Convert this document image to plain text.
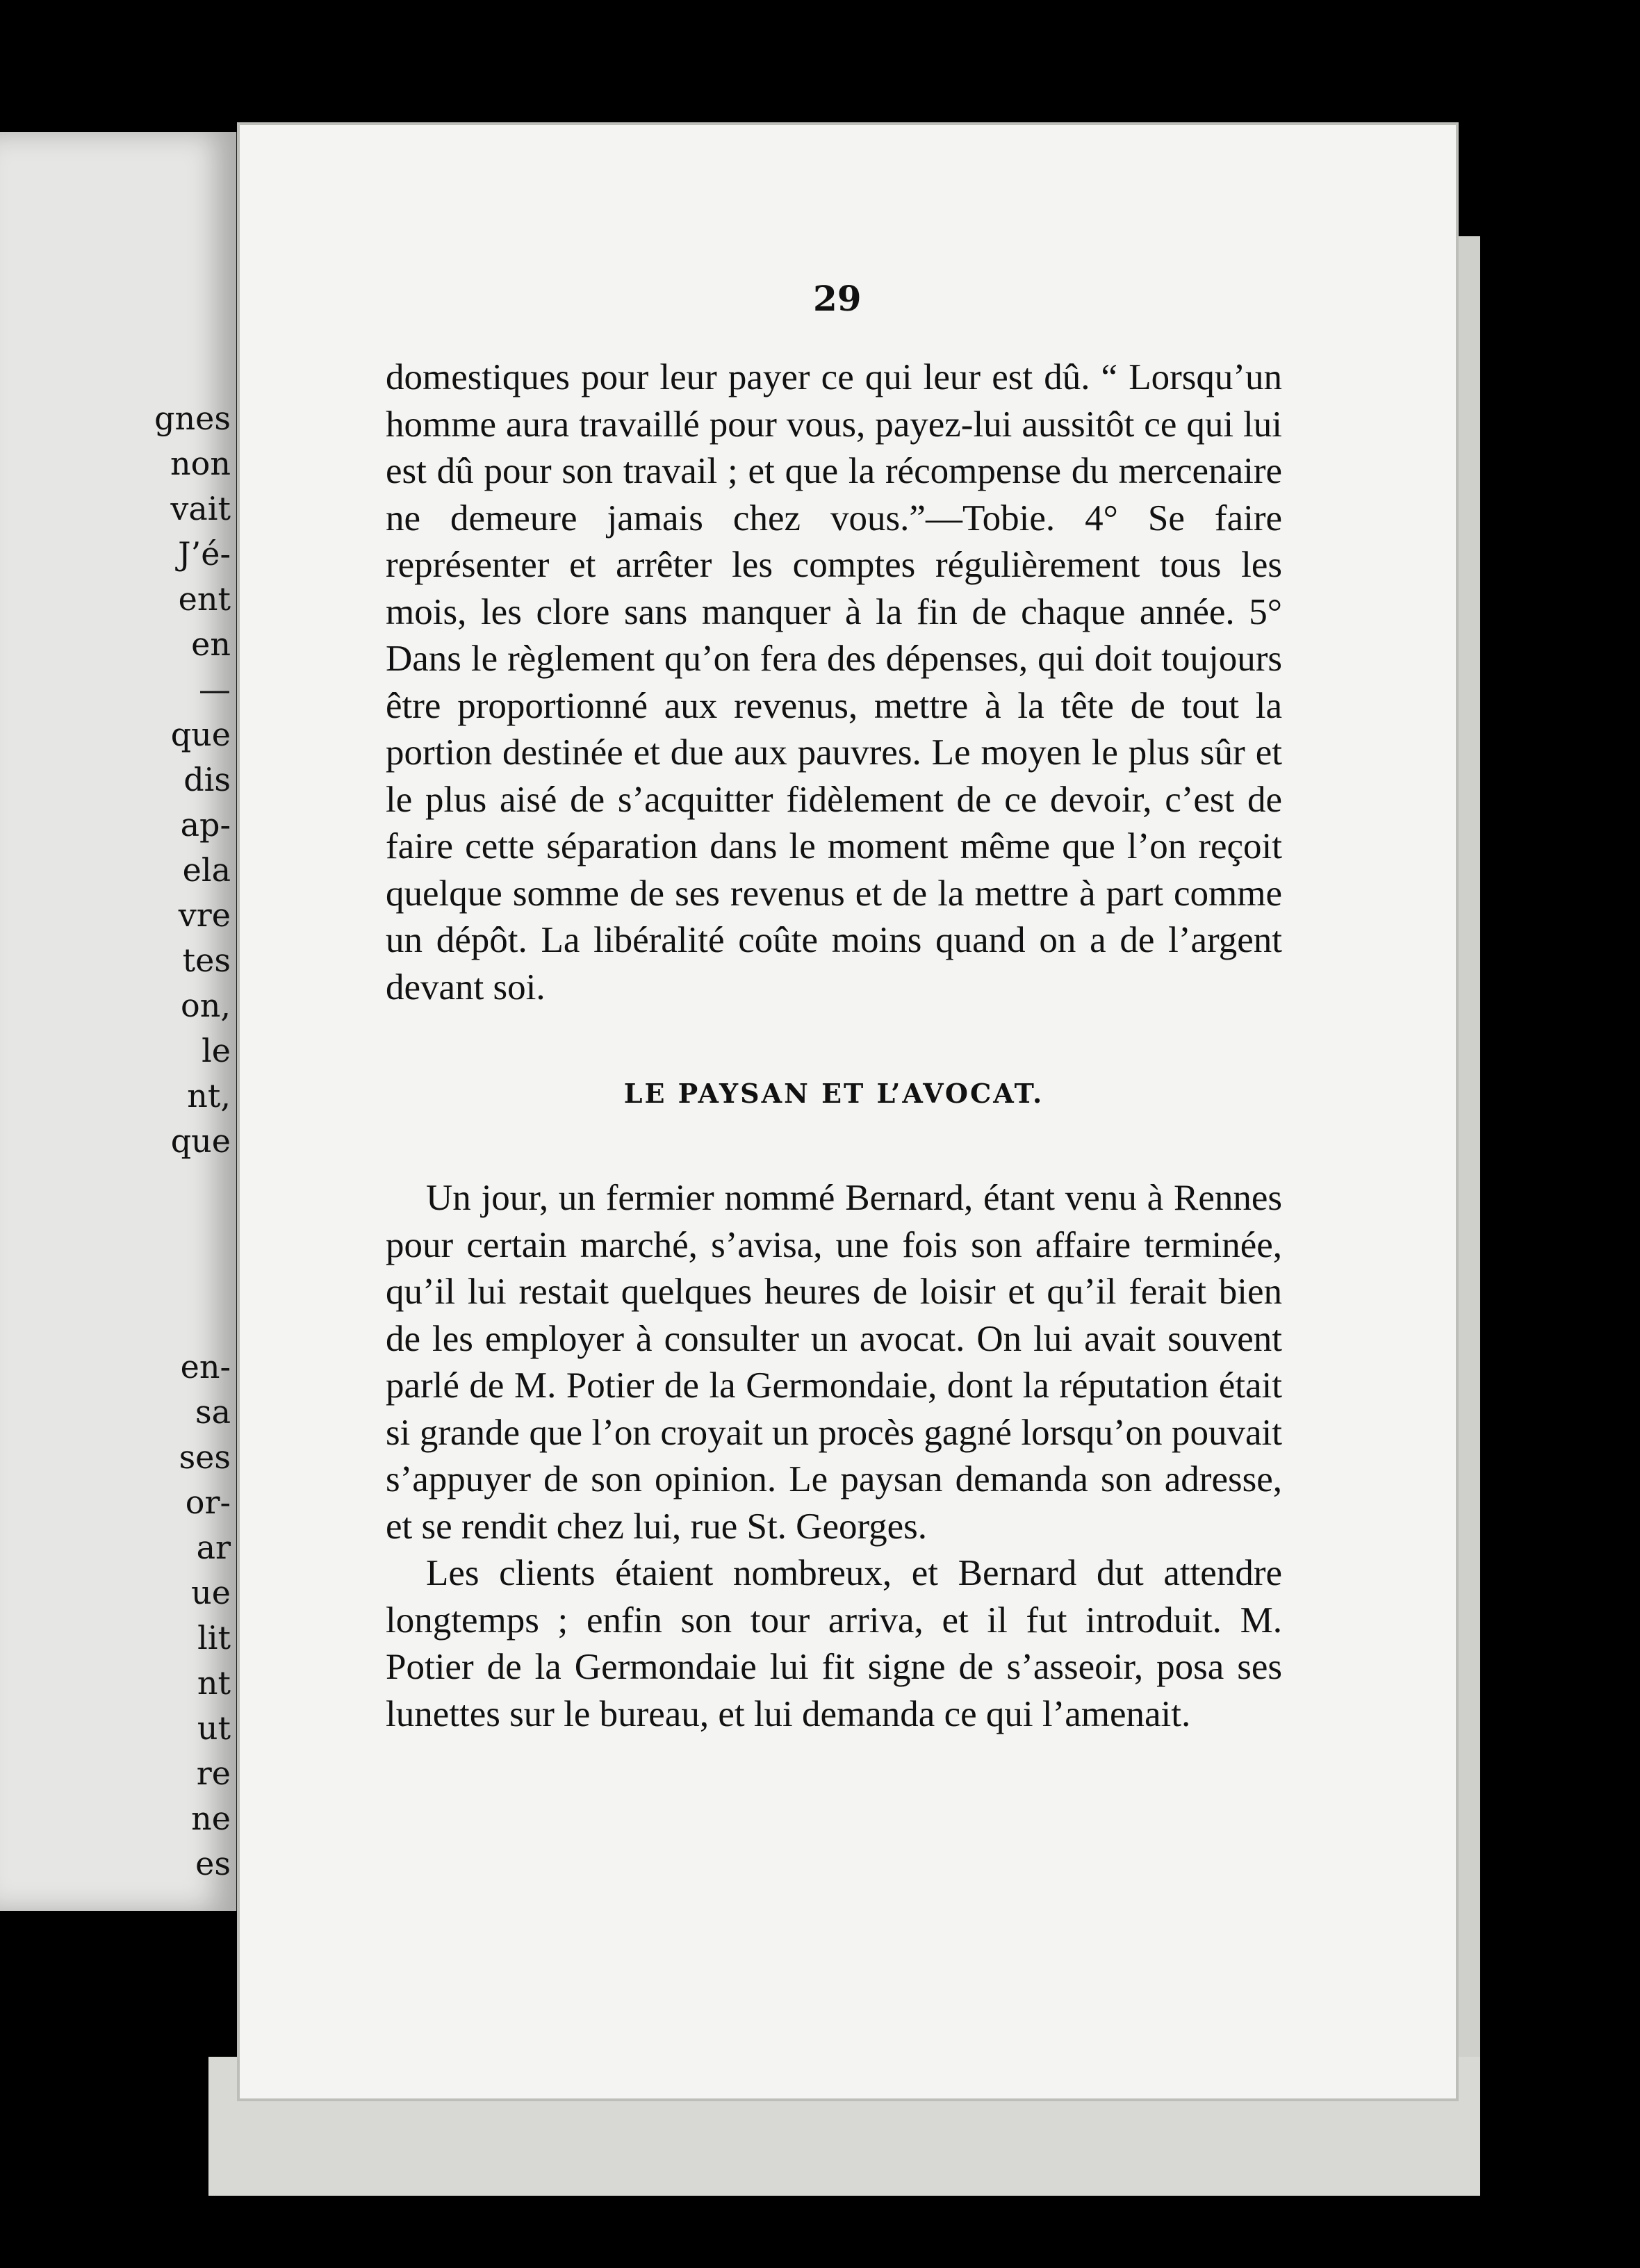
gnes
non
vait
J’é-
ent
en
—
que
dis
ap-
ela
vre
tes
on,
le
nt,
que

en-
sa
ses
or-
ar
ue
lit
nt
ut
re
ne
es
29

domestiques pour leur payer ce qui leur est dû. “ Lorsqu’un homme aura travaillé pour vous, payez-lui aussitôt ce qui lui est dû pour son travail ; et que la récompense du mercenaire ne demeure jamais chez vous.”—Tobie. 4° Se faire représenter et arrêter les comptes régulièrement tous les mois, les clore sans manquer à la fin de chaque année. 5° Dans le règlement qu’on fera des dépenses, qui doit toujours être proportionné aux revenus, mettre à la tête de tout la portion destinée et due aux pauvres. Le moyen le plus sûr et le plus aisé de s’acquitter fidèlement de ce devoir, c’est de faire cette séparation dans le moment même que l’on reçoit quelque somme de ses revenus et de la mettre à part comme un dépôt. La libéralité coûte moins quand on a de l’argent devant soi.

LE PAYSAN ET L’AVOCAT.

Un jour, un fermier nommé Bernard, étant venu à Rennes pour certain marché, s’avisa, une fois son affaire terminée, qu’il lui restait quelques heures de loisir et qu’il ferait bien de les employer à consulter un avocat. On lui avait souvent parlé de M. Potier de la Germondaie, dont la réputation était si grande que l’on croyait un procès gagné lorsqu’on pouvait s’appuyer de son opinion. Le paysan demanda son adresse, et se rendit chez lui, rue St. Georges.

Les clients étaient nombreux, et Bernard dut attendre longtemps ; enfin son tour arriva, et il fut introduit. M. Potier de la Germondaie lui fit signe de s’asseoir, posa ses lunettes sur le bureau, et lui demanda ce qui l’amenait.
